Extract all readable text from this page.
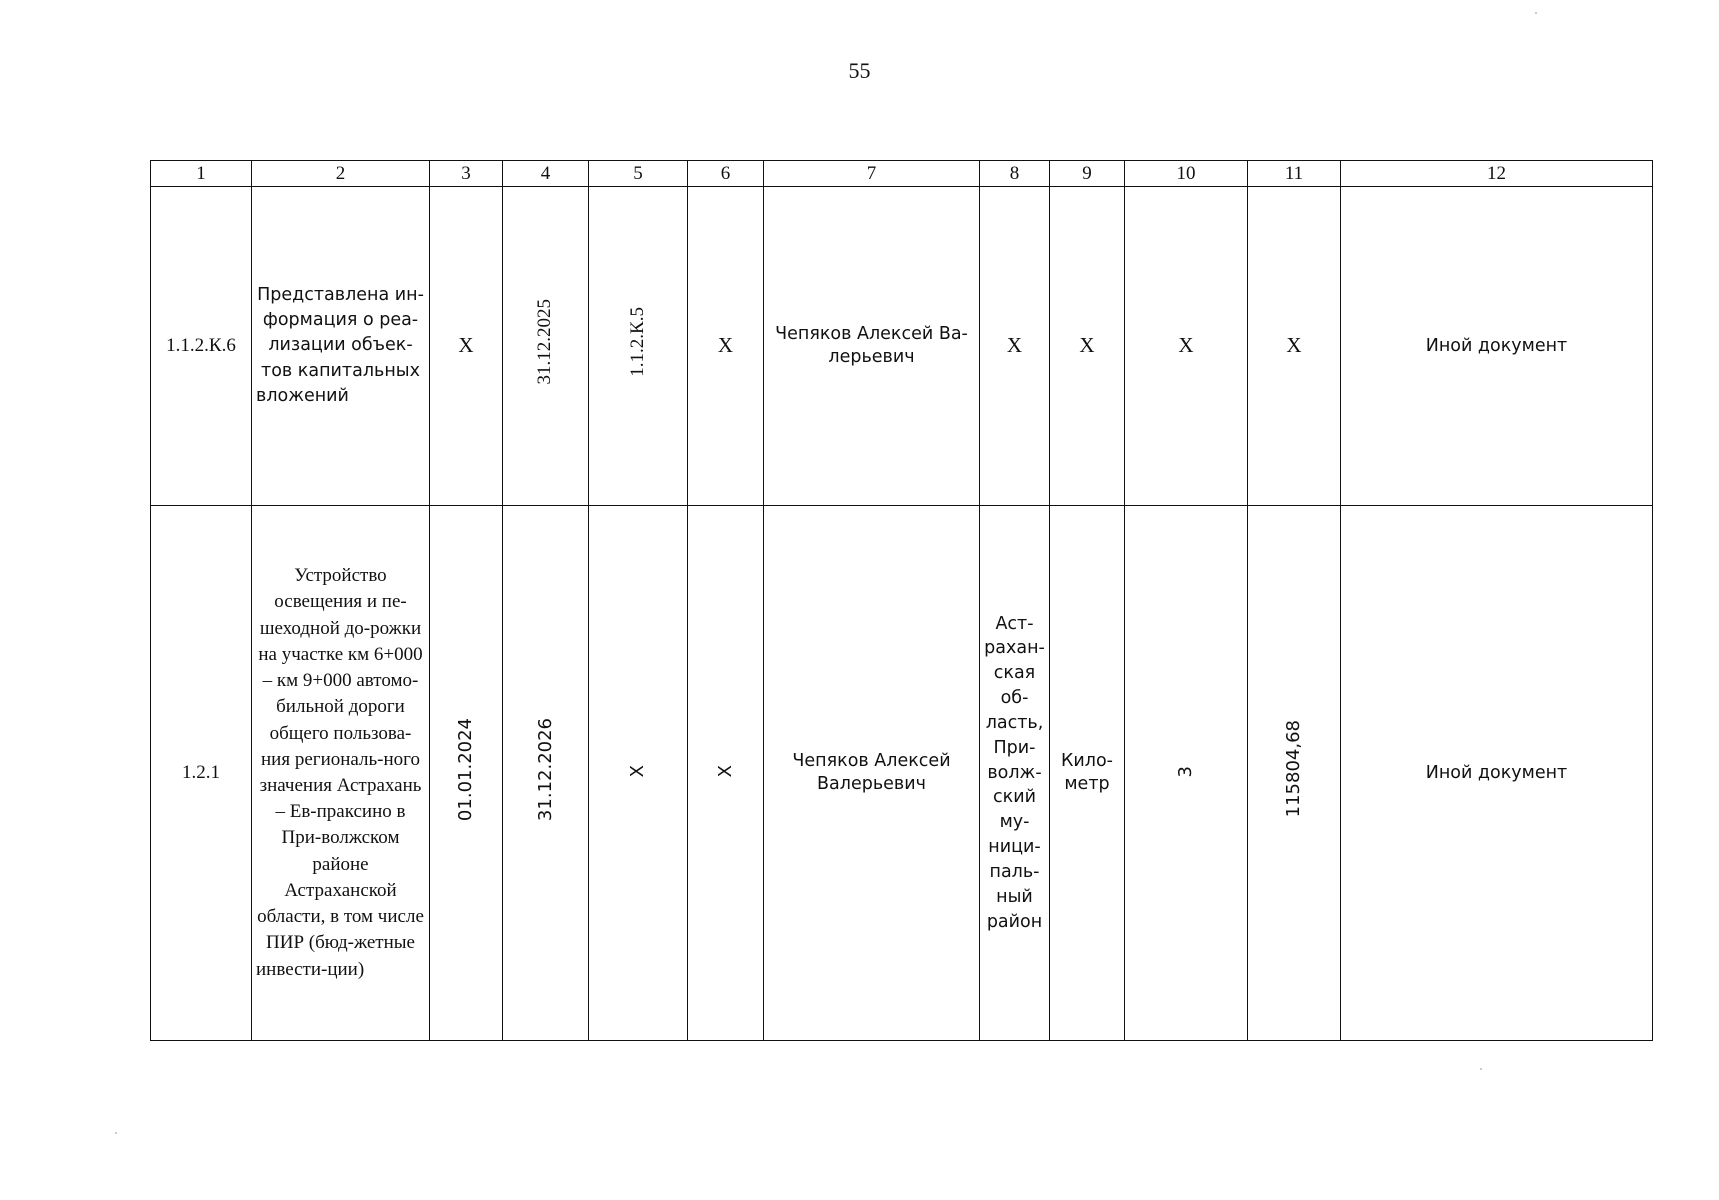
55
1	2	3	4	5	6	7	8	9	10	11	12
1.1.2.К.6	Представлена ин-формация о реа-лизации объек-тов капитальных вложений	X	31.12.2025	1.1.2.К.5	X	Чепяков Алексей Ва-лерьевич	X	X	X	X	Иной документ
1.2.1	Устройство освещения и пе-шеходной до-рожки на участке км 6+000 – км 9+000 автомо-бильной дороги общего пользова-ния региональ-ного значения Астрахань – Ев-праксино в При-волжском районе Астраханской области, в том числе ПИР (бюд-жетные инвести-ции)	01.01.2024	31.12.2026	X	X	Чепяков Алексей Валерьевич	Аст-рахан-ская об-ласть, При-волж-ский му-ници-паль-ный район	Кило-метр	3	115804,68	Иной документ
